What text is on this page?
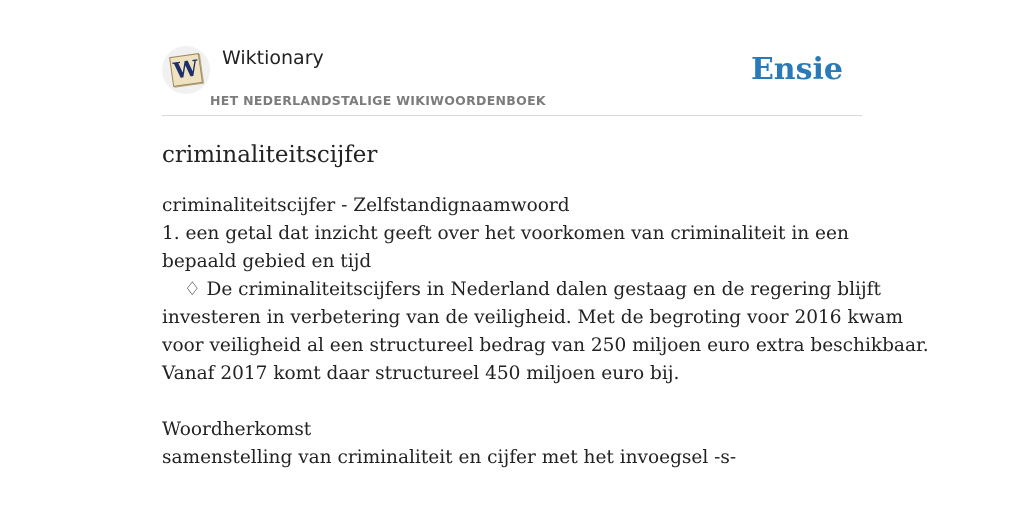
W Wiktionary
HET NEDERLANDSTALIGE WIKIWOORDENBOEK
Ensie
criminaliteitscijfer
criminaliteitscijfer - Zelfstandignaamwoord
1. een getal dat inzicht geeft over het voorkomen van criminaliteit in een
bepaald gebied en tijd
♢ De criminaliteitscijfers in Nederland dalen gestaag en de regering blijft
investeren in verbetering van de veiligheid. Met de begroting voor 2016 kwam
voor veiligheid al een structureel bedrag van 250 miljoen euro extra beschikbaar.
Vanaf 2017 komt daar structureel 450 miljoen euro bij.
Woordherkomst
samenstelling van criminaliteit en cijfer met het invoegsel -s-
